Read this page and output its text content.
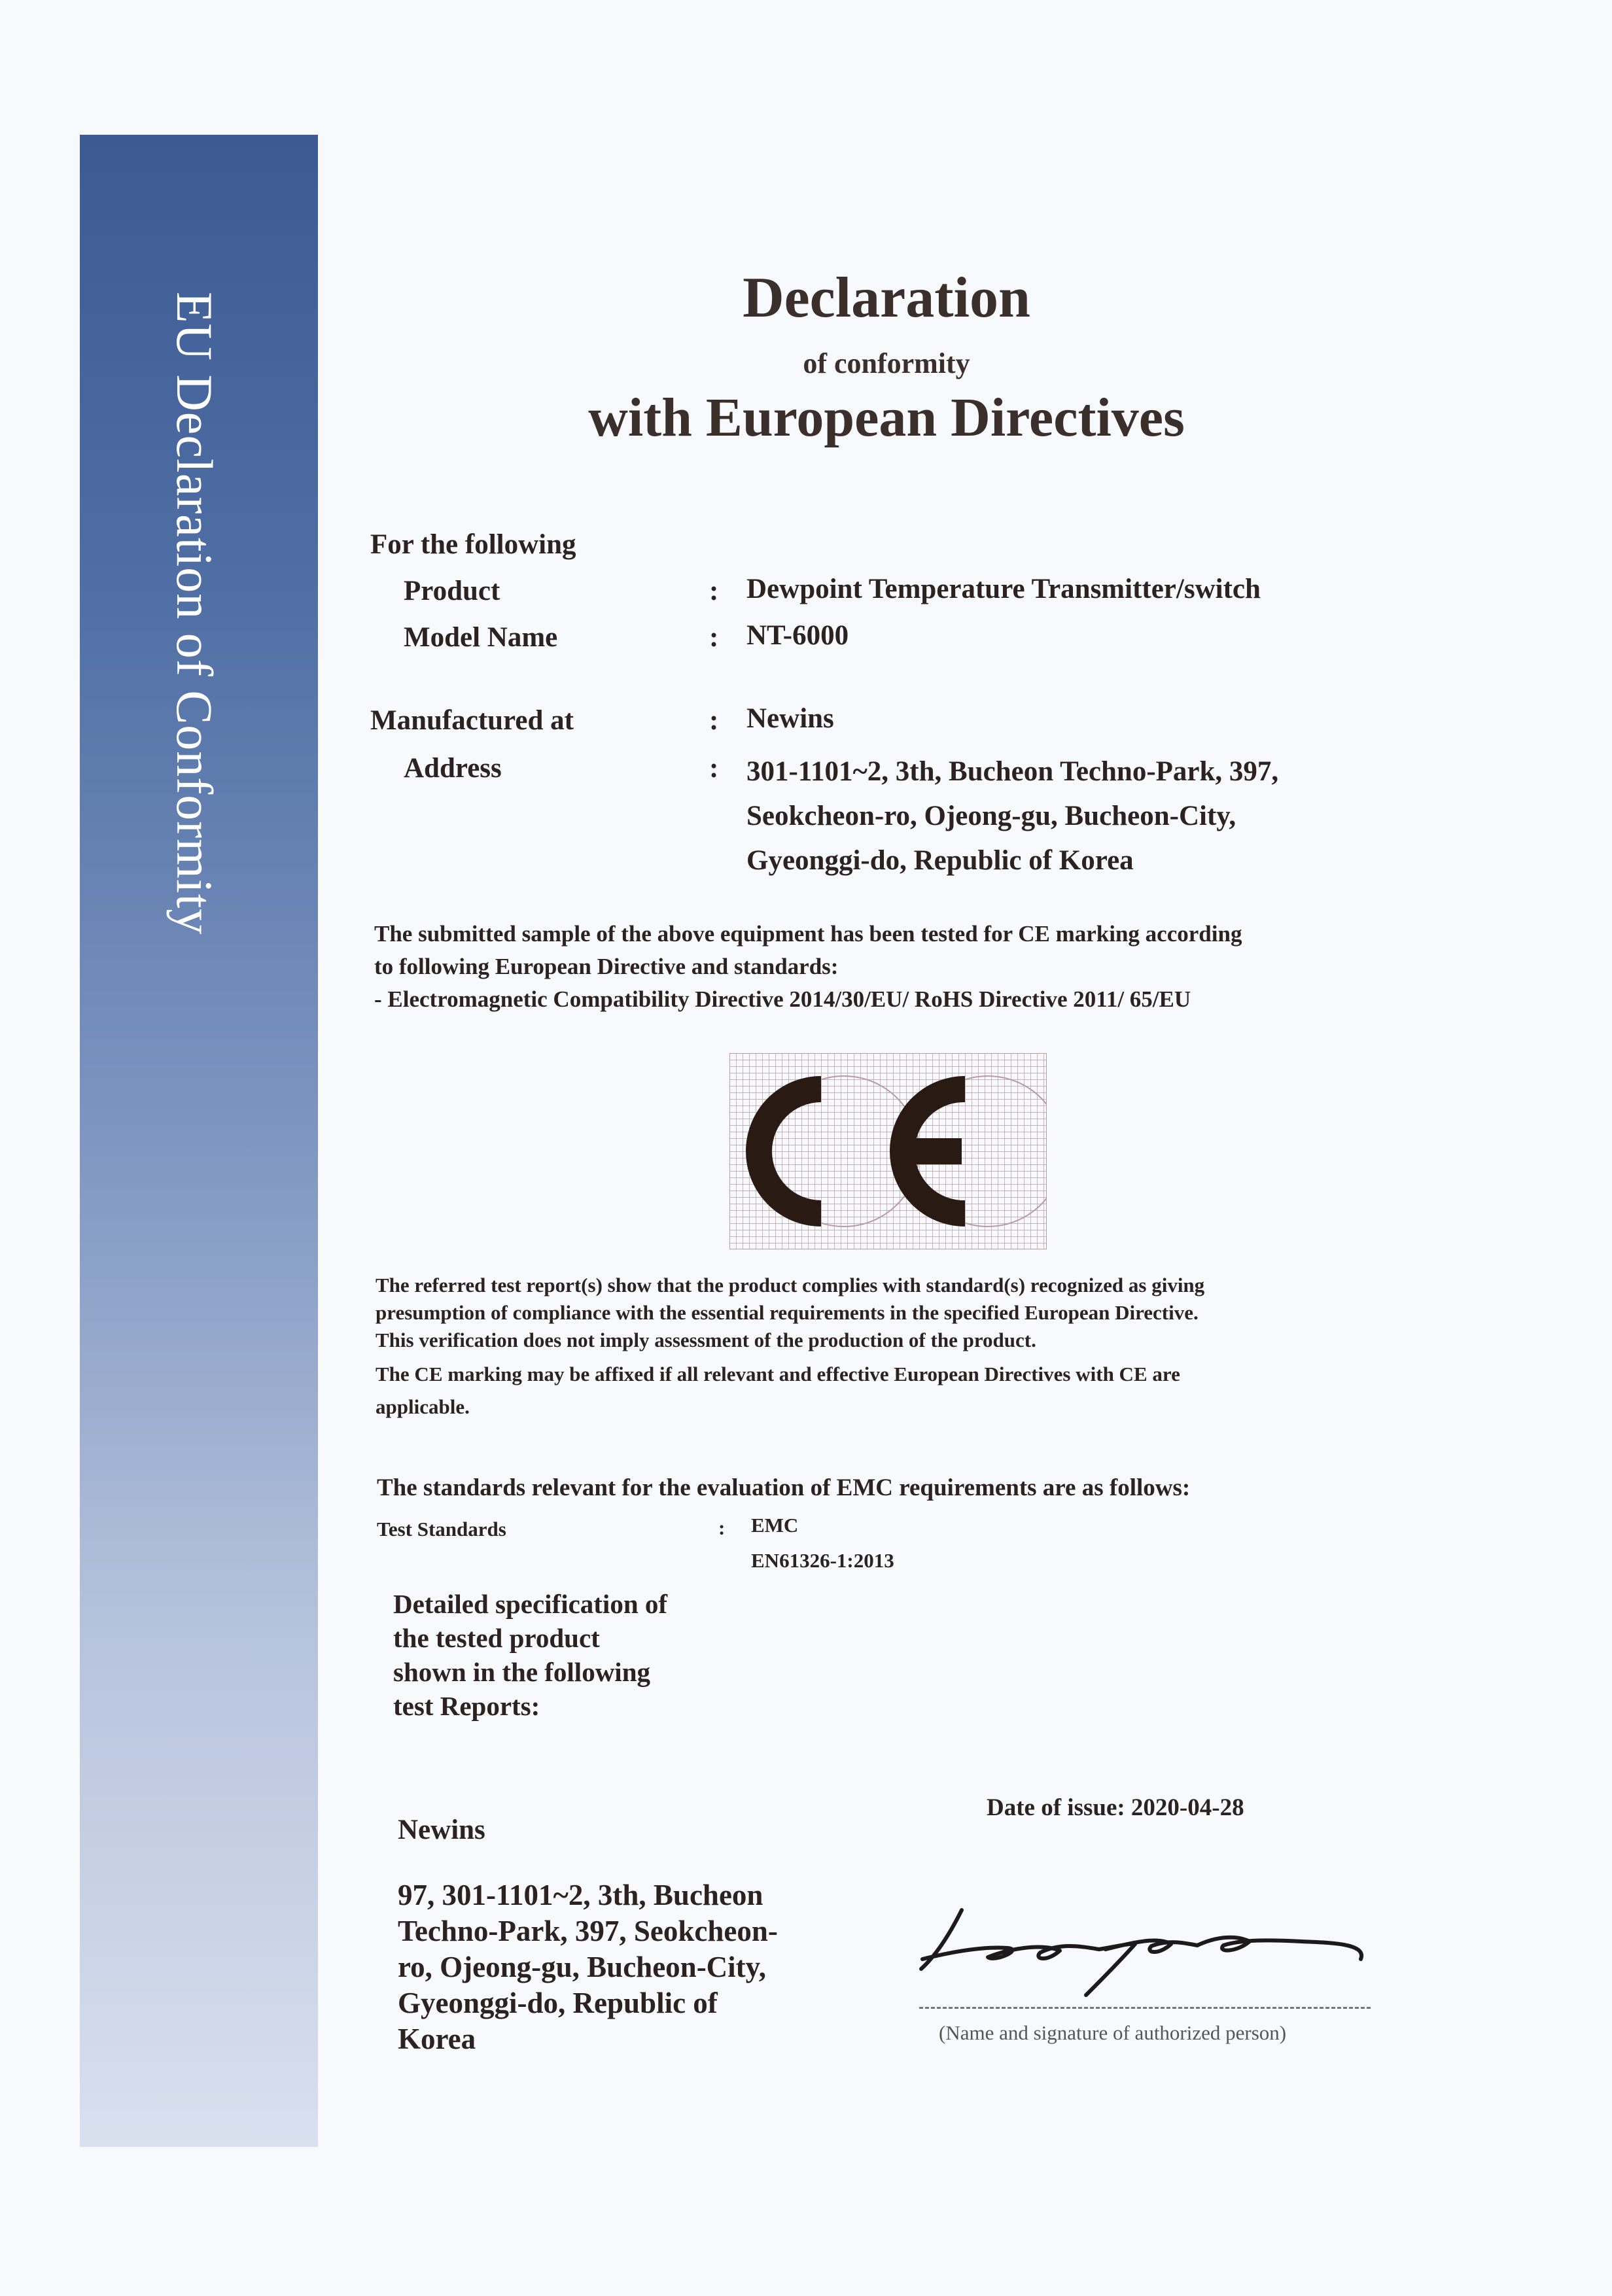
EU Declaration of Conformity	Declaration
of conformity
with European Directives
For the following
Product	: Dewpoint Temperature Transmitter/switch
Model Name	: NT-6000
Manufactured at	: Newins
Address	: 301-1101~2, 3th, Bucheon Techno-Park, 397,
Seokcheon-ro, Ojeong-gu, Bucheon-City,
Gyeonggi-do, Republic of Korea
The submitted sample of the above equipment has been tested for CE marking according
to following European Directive and standards:
- Electromagnetic Compatibility Directive 2014/30/EU/ RoHS Directive 2011/ 65/EU
The referred test report(s) show that the product complies with standard(s) recognized as giving
presumption of compliance with the essential requirements in the specified European Directive.
This verification does not imply assessment of the production of the product.
The CE marking may be affixed if all relevant and effective European Directives with CE are
applicable.
The standards relevant for the evaluation of EMC requirements are as follows:
Test Standards	: EMC
EN61326-1:2013
Detailed specification of
the tested product
shown in the following
test Reports:
Newins
97, 301-1101~2, 3th, Bucheon
Techno-Park, 397, Seokcheon-
ro, Ojeong-gu, Bucheon-City,
Gyeonggi-do, Republic of
Korea
Date of issue: 2020-04-28
(Name and signature of authorized person)
